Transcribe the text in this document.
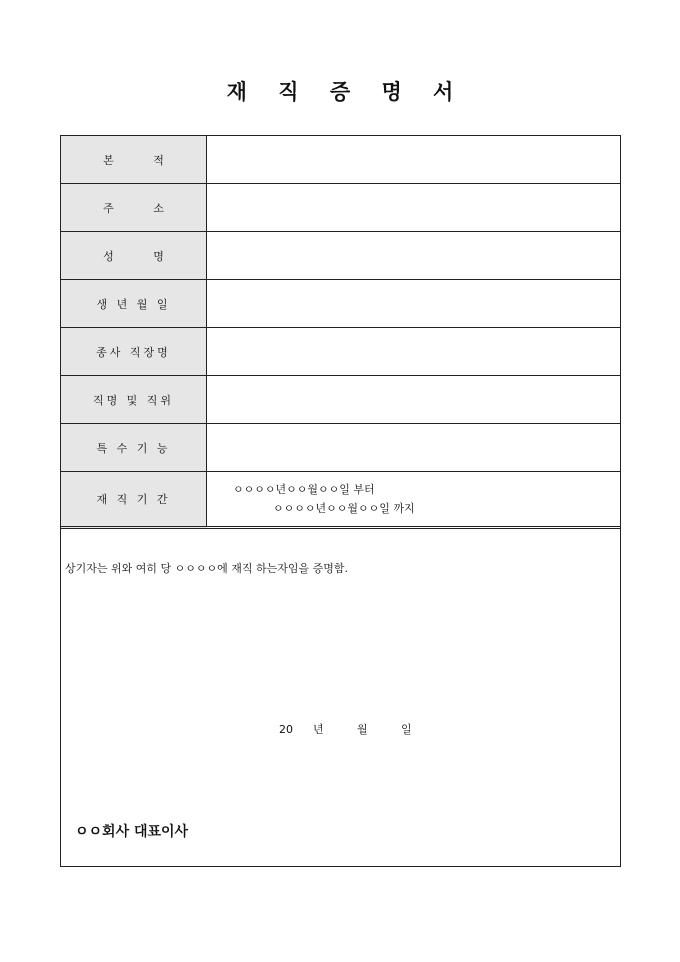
재 직 증 명 서
본 적	
주 소	
성 명	
생 년 월 일	
종사 직장명	
직명 및 직위	
특 수 기 능	
재 직 기 간	ㅇㅇㅇㅇ년ㅇㅇ월ㅇㅇ일 부터
ㅇㅇㅇㅇ년ㅇㅇ월ㅇㅇ일 까지
상기자는 위와 여히 당 ㅇㅇㅇㅇ에 재직 하는자임을 증명함.
20 년	월	일
ㅇㅇ회사 대표이사
